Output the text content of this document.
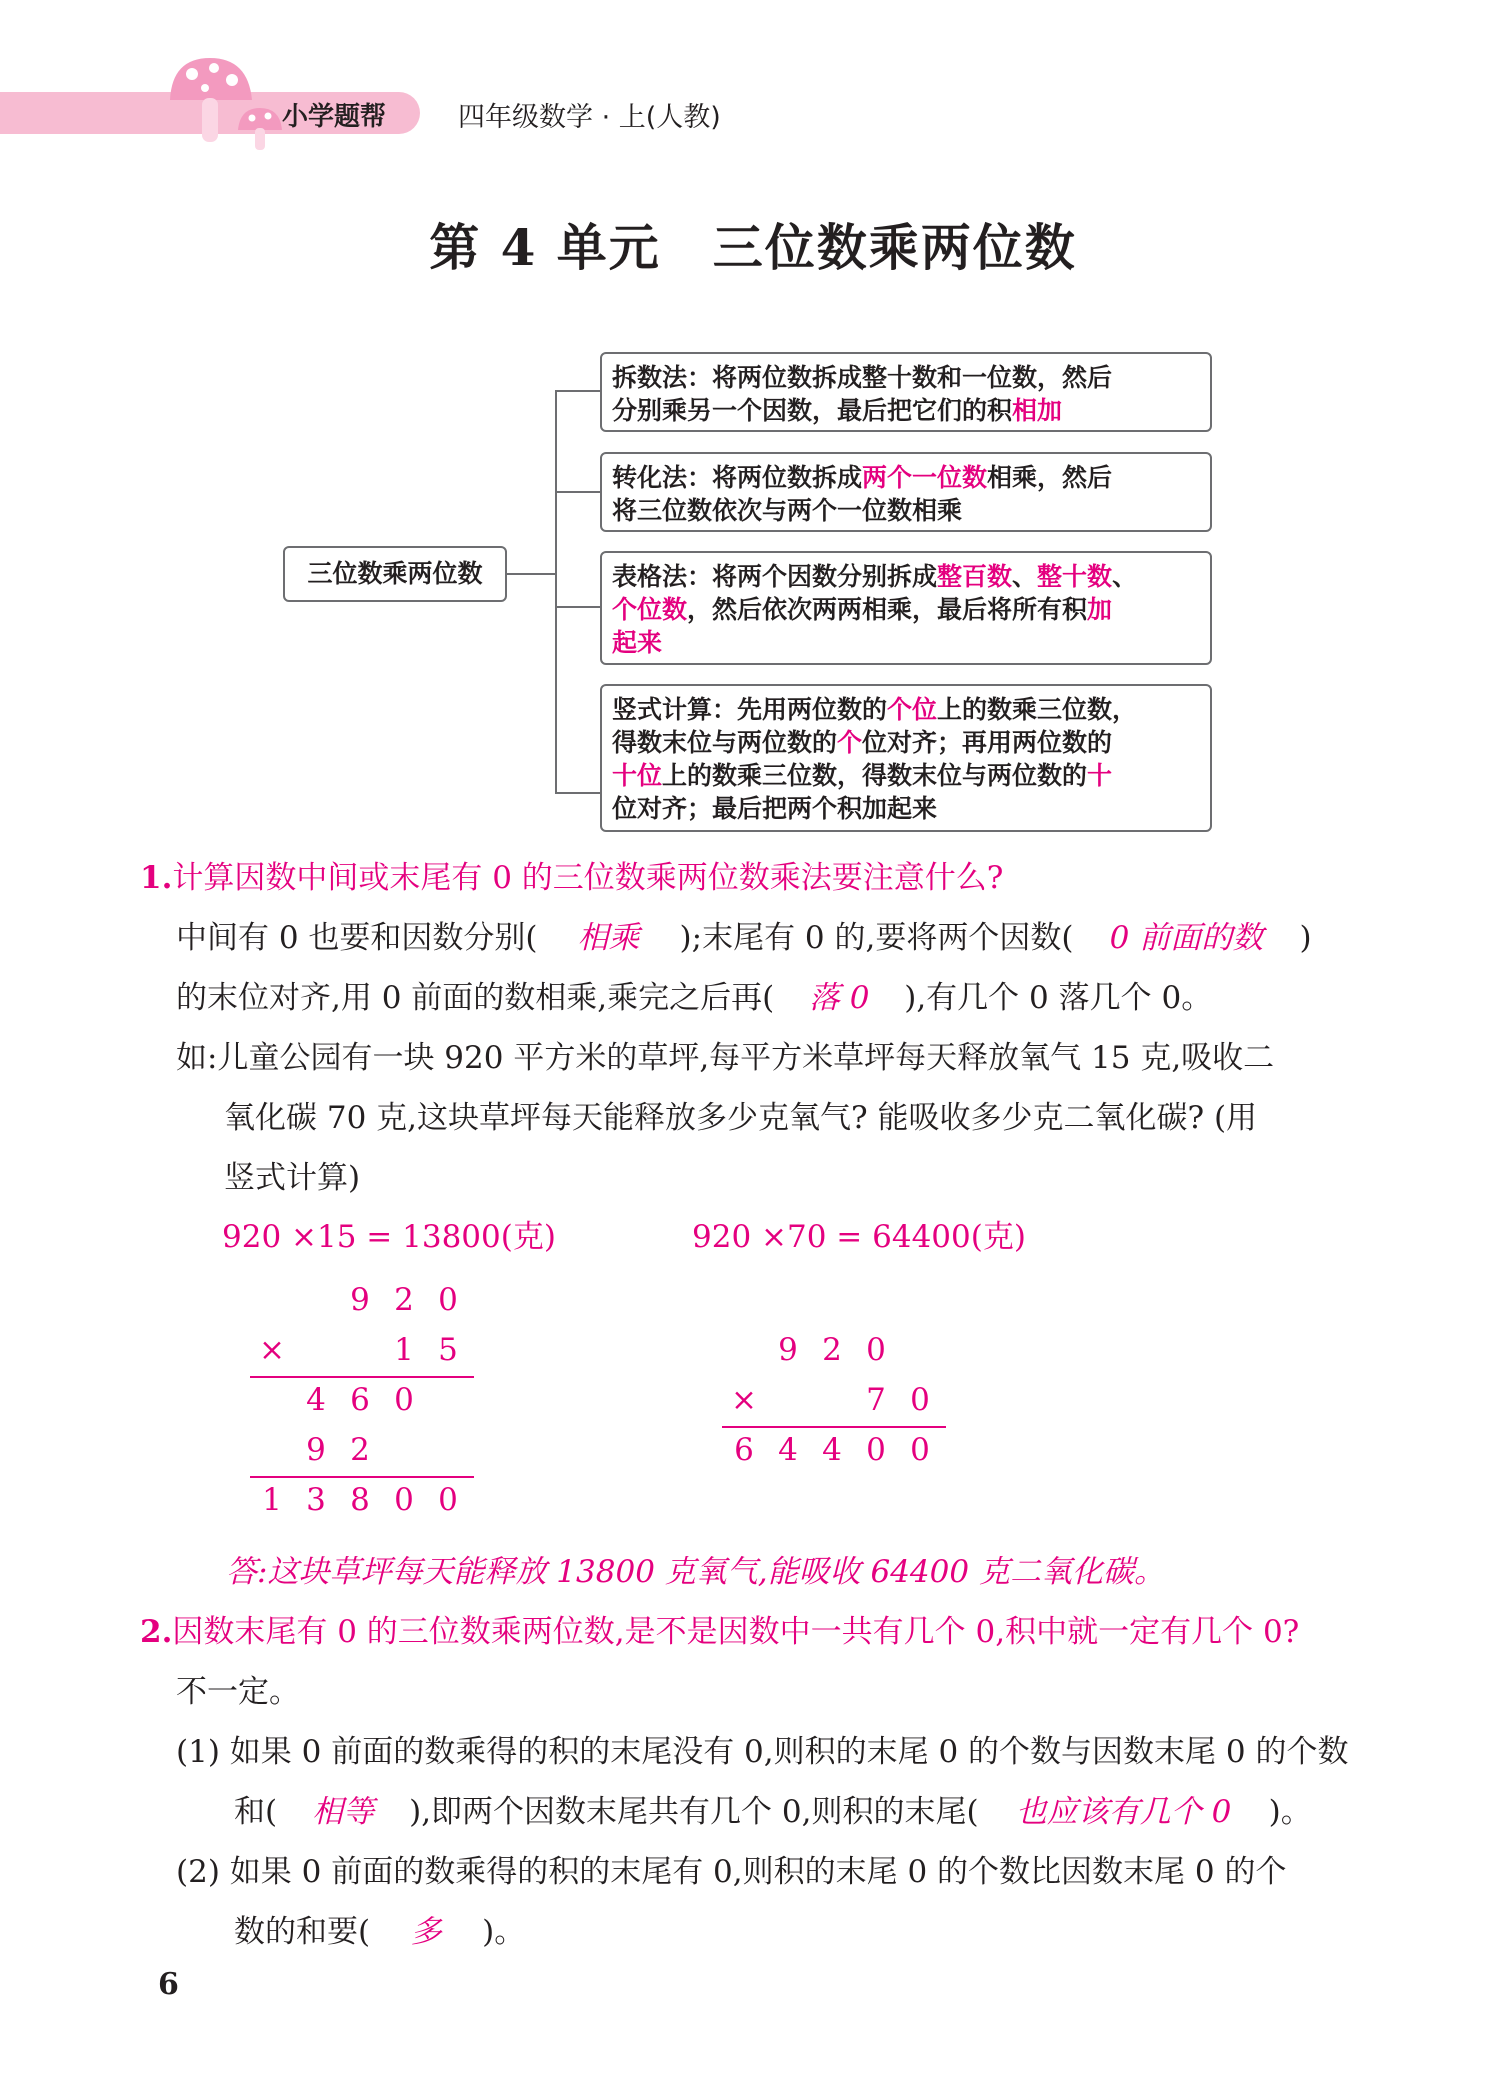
小学题帮	四年级数学 · 上(人教)
第 4 单元　三位数乘两位数
三位数乘两位数
拆数法：将两位数拆成整十数和一位数，然后
分别乘另一个因数，最后把它们的积相加
转化法：将两位数拆成两个一位数相乘，然后
将三位数依次与两个一位数相乘
表格法：将两个因数分别拆成整百数、整十数、
个位数，然后依次两两相乘，最后将所有积加
起来
竖式计算：先用两位数的个位上的数乘三位数，
得数末位与两位数的个位对齐；再用两位数的
十位上的数乘三位数，得数末位与两位数的十
位对齐；最后把两个积加起来
1.计算因数中间或末尾有 0 的三位数乘两位数乘法要注意什么?
中间有 0 也要和因数分别( 相乘 );末尾有 0 的,要将两个因数( 0 前面的数 )
的末位对齐,用 0 前面的数相乘,乘完之后再( 落 0 ),有几个 0 落几个 0。
如:儿童公园有一块 920 平方米的草坪,每平方米草坪每天释放氧气 15 克,吸收二
氧化碳 70 克,这块草坪每天能释放多少克氧气? 能吸收多少克二氧化碳? (用
竖式计算)
920 ×15 = 13800(克)	920 ×70 = 64400(克)
9 2 0
×	1 5
4 6 0
9 2
1 3 8 0 0
9 2 0
×	7 0
6 4 4 0 0
答:这块草坪每天能释放 13800 克氧气,能吸收 64400 克二氧化碳。
2.因数末尾有 0 的三位数乘两位数,是不是因数中一共有几个 0,积中就一定有几个 0?
不一定。
(1) 如果 0 前面的数乘得的积的末尾没有 0,则积的末尾 0 的个数与因数末尾 0 的个数
和( 相等 ),即两个因数末尾共有几个 0,则积的末尾( 也应该有几个 0 )。
(2) 如果 0 前面的数乘得的积的末尾有 0,则积的末尾 0 的个数比因数末尾 0 的个
数的和要( 多 )。
6
